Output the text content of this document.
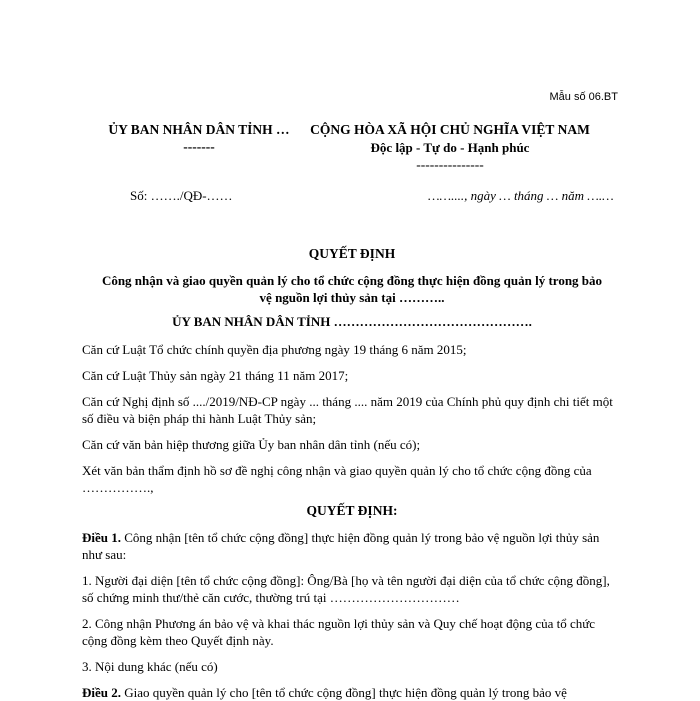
Mẫu số 06.BT
ỦY BAN NHÂN DÂN TỈNH …
-------
CỘNG HÒA XÃ HỘI CHỦ NGHĨA VIỆT NAM
Độc lập - Tự do - Hạnh phúc
---------------
Số: ……./QĐ-……	……...., ngày … tháng … năm ….…
QUYẾT ĐỊNH
Công nhận và giao quyền quản lý cho tổ chức cộng đồng thực hiện đồng quản lý trong bảo
vệ nguồn lợi thủy sản tại ………..
ỦY BAN NHÂN DÂN TỈNH ……………………………………….
Căn cứ Luật Tổ chức chính quyền địa phương ngày 19 tháng 6 năm 2015;
Căn cứ Luật Thủy sản ngày 21 tháng 11 năm 2017;
Căn cứ Nghị định số ..../2019/NĐ-CP ngày ... tháng .... năm 2019 của Chính phủ quy định chi tiết một số điều và biện pháp thi hành Luật Thủy sản;
Căn cứ văn bản hiệp thương giữa Ủy ban nhân dân tỉnh (nếu có);
Xét văn bản thẩm định hồ sơ đề nghị công nhận và giao quyền quản lý cho tổ chức cộng đồng của …………….,
QUYẾT ĐỊNH:
Điều 1. Công nhận [tên tổ chức cộng đồng] thực hiện đồng quản lý trong bảo vệ nguồn lợi thủy sản như sau:
1. Người đại diện [tên tổ chức cộng đồng]: Ông/Bà [họ và tên người đại diện của tổ chức cộng đồng], số chứng minh thư/thẻ căn cước, thường trú tại …………………………
2. Công nhận Phương án bảo vệ và khai thác nguồn lợi thủy sản và Quy chế hoạt động của tổ chức cộng đồng kèm theo Quyết định này.
3. Nội dung khác (nếu có)
Điều 2. Giao quyền quản lý cho [tên tổ chức cộng đồng] thực hiện đồng quản lý trong bảo vệ
